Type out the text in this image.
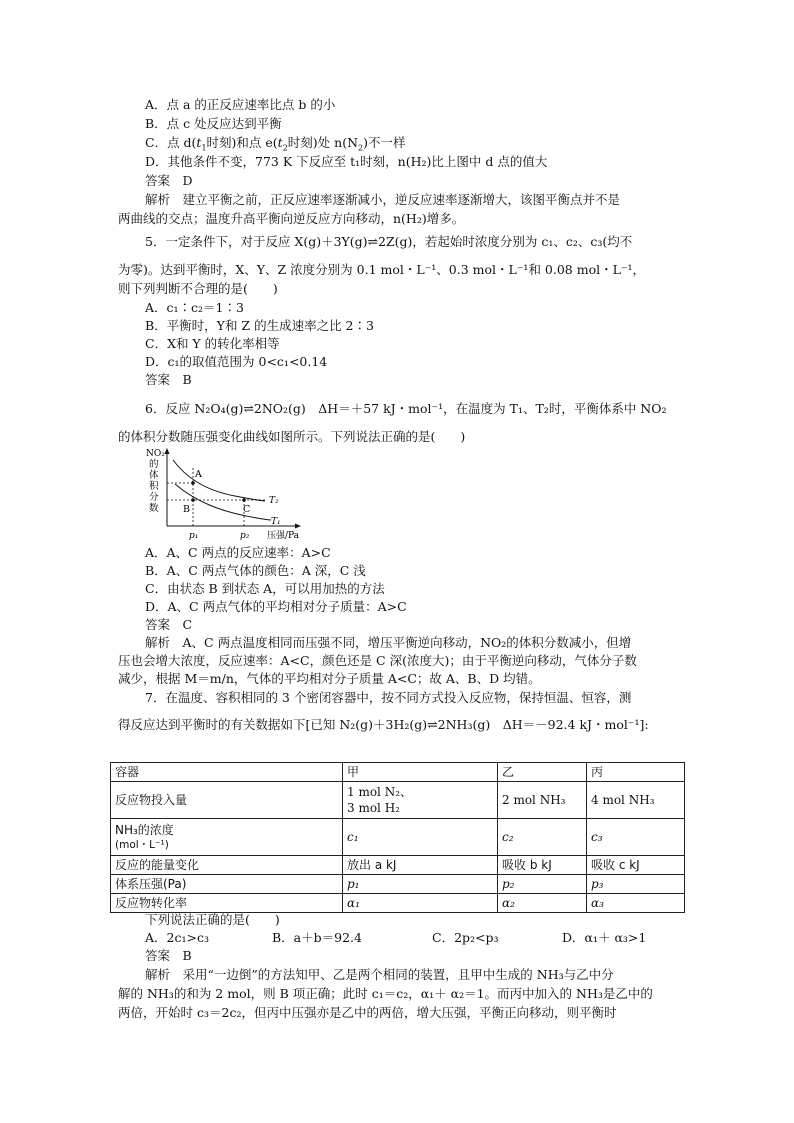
A．点 a 的正反应速率比点 b 的小
B．点 c 处反应达到平衡
C．点 $d(t_1$时刻)和点 $e(t_2$时刻)处 $n(N_2)$不一样
D．其他条件不变，773 K 下反应至 t₁时刻，n(H₂)比上图中 d 点的值大
答案　D
解析　建立平衡之前，正反应速率逐渐减小，逆反应速率逐渐增大，该图平衡点并不是
两曲线的交点；温度升高平衡向逆反应方向移动，n(H₂)增多。
5．一定条件下，对于反应 X(g)＋3Y(g)⇌2Z(g)，若起始时浓度分别为 c₁、c₂、c₃(均不
为零)。达到平衡时，X、Y、Z 浓度分别为 0.1 mol・L⁻¹、0.3 mol・L⁻¹和 0.08 mol・L⁻¹，
则下列判断不合理的是(　　)
A．c₁∶c₂＝1∶3
B．平衡时，Y和 Z 的生成速率之比 2∶3
C．X和 Y 的转化率相等
D．c₁的取值范围为 0<c₁<0.14
答案　B
6．反应 N₂O₄(g)⇌2NO₂(g)　ΔH＝＋57 kJ・mol⁻¹，在温度为 T₁、T₂时，平衡体系中 NO₂
的体积分数随压强变化曲线如图所示。下列说法正确的是(　　)
NO₂
的
体
积
分
数
A
B	C
T₂
T₁
p₁	p₂ 压强/Pa
A．A、C 两点的反应速率：A>C
B．A、C 两点气体的颜色：A 深，C 浅
C．由状态 B 到状态 A，可以用加热的方法
D．A、C 两点气体的平均相对分子质量：A>C
答案　C
解析　A、C 两点温度相同而压强不同，增压平衡逆向移动，NO₂的体积分数减小，但增
压也会增大浓度，反应速率：A<C，颜色还是 C 深(浓度大)；由于平衡逆向移动，气体分子数
减少，根据 M＝m/n，气体的平均相对分子质量 A<C；故 A、B、D 均错。
7．在温度、容积相同的 3 个密闭容器中，按不同方式投入反应物，保持恒温、恒容，测
得反应达到平衡时的有关数据如下[已知 N₂(g)＋3H₂(g)⇌2NH₃(g)　ΔH＝－92.4 kJ・mol⁻¹]:
容器	甲	乙	丙
反应物投入量	1 mol N₂、
3 mol H₂	2 mol NH₃	4 mol NH₃

NH₃的浓度
(mol・L⁻¹)	c₁	c₂	c₃
反应的能量变化	放出 a kJ	吸收 b kJ	吸收 c kJ
体系压强(Pa)	p₁	p₂	p₃
反应物转化率	α₁	α₂	α₃
下列说法正确的是(　　)
A．2c₁>c₃	B．a＋b＝92.4	C．2p₂<p₃	D．α₁＋ α₃>1
答案　B
解析　采用“一边倒”的方法知甲、乙是两个相同的装置，且甲中生成的 NH₃与乙中分
解的 NH₃的和为 2 mol，则 B 项正确；此时 c₁＝c₂，α₁＋ α₂＝1。而丙中加入的 NH₃是乙中的
两倍，开始时 c₃＝2c₂，但丙中压强亦是乙中的两倍，增大压强，平衡正向移动，则平衡时
